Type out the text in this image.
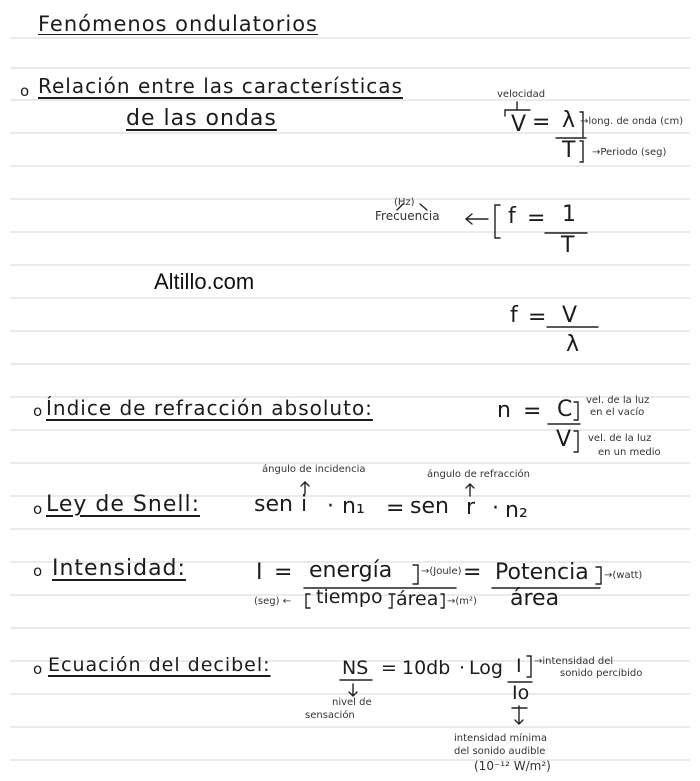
Fenómenos ondulatorios
Altillo.com
o Relación entre las características
de las ondas
velocidad
V = λ →long. de onda (cm)
T →Periodo (seg)
(Hz)
Frecuencia	f = 1
T
f = V
λ
o Índice de refracción absoluto:	n = C vel. de la luz
en el vacío
V vel. de la luz
en un medio
ángulo de incidencia	ángulo de refracción
o Ley de Snell: sen i · n₁ = sen r · n₂
o Intensidad:	I = energía	→(Joule) = Potencia →(watt)
(seg) ← tiempo área →(m²) área
o Ecuación del decibel:	NS = 10db · Log I →intensidad del
sonido percibido
Io
nivel de
sensación
intensidad mínima
del sonido audible
(10⁻¹² W/m²)
